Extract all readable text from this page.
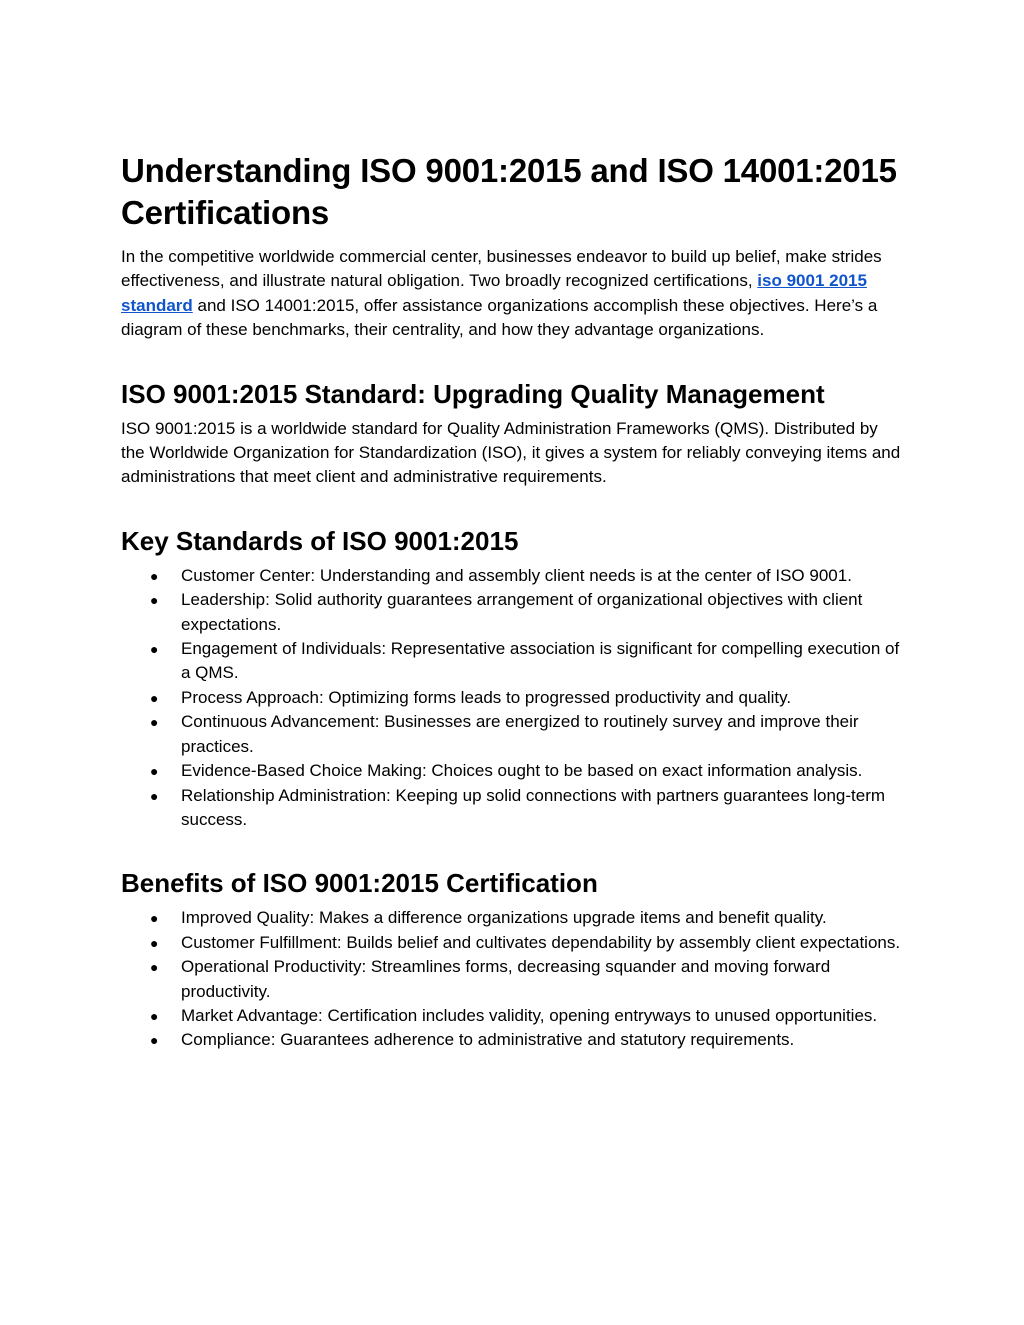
Understanding ISO 9001:2015 and ISO 14001:2015 Certifications

In the competitive worldwide commercial center, businesses endeavor to build up belief, make strides effectiveness, and illustrate natural obligation. Two broadly recognized certifications, iso 9001 2015 standard and ISO 14001:2015, offer assistance organizations accomplish these objectives. Here’s a diagram of these benchmarks, their centrality, and how they advantage organizations.

ISO 9001:2015 Standard: Upgrading Quality Management

ISO 9001:2015 is a worldwide standard for Quality Administration Frameworks (QMS). Distributed by the Worldwide Organization for Standardization (ISO), it gives a system for reliably conveying items and administrations that meet client and administrative requirements.

Key Standards of ISO 9001:2015
● Customer Center: Understanding and assembly client needs is at the center of ISO 9001.
● Leadership: Solid authority guarantees arrangement of organizational objectives with client expectations.
● Engagement of Individuals: Representative association is significant for compelling execution of a QMS.
● Process Approach: Optimizing forms leads to progressed productivity and quality.
● Continuous Advancement: Businesses are energized to routinely survey and improve their practices.
● Evidence-Based Choice Making: Choices ought to be based on exact information analysis.
● Relationship Administration: Keeping up solid connections with partners guarantees long-term success.
Benefits of ISO 9001:2015 Certification
● Improved Quality: Makes a difference organizations upgrade items and benefit quality.
● Customer Fulfillment: Builds belief and cultivates dependability by assembly client expectations.
● Operational Productivity: Streamlines forms, decreasing squander and moving forward productivity.
● Market Advantage: Certification includes validity, opening entryways to unused opportunities.
● Compliance: Guarantees adherence to administrative and statutory requirements.
